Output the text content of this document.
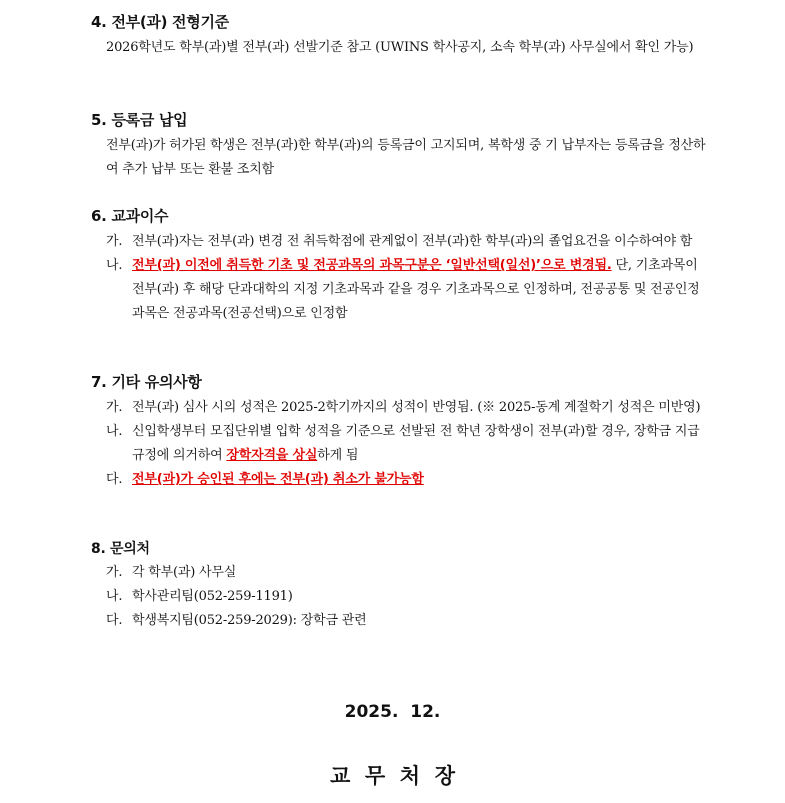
4. 전부(과) 전형기준

2026학년도 학부(과)별 전부(과) 선발기준 참고 (UWINS 학사공지, 소속 학부(과) 사무실에서 확인 가능)

5. 등록금 납입

전부(과)가 허가된 학생은 전부(과)한 학부(과)의 등록금이 고지되며, 복학생 중 기 납부자는 등록금을 정산하여 추가 납부 또는 환불 조치함

6. 교과이수

가. 전부(과)자는 전부(과) 변경 전 취득학점에 관계없이 전부(과)한 학부(과)의 졸업요건을 이수하여야 함
나. 전부(과) 이전에 취득한 기초 및 전공과목의 과목구분은 ‘일반선택(일선)’으로 변경됨. 단, 기초과목이 전부(과) 후 해당 단과대학의 지정 기초과목과 같을 경우 기초과목으로 인정하며, 전공공통 및 전공인정과목은 전공과목(전공선택)으로 인정함

7. 기타 유의사항

가. 전부(과) 심사 시의 성적은 2025-2학기까지의 성적이 반영됨. (※ 2025-동계 계절학기 성적은 미반영)
나. 신입학생부터 모집단위별 입학 성적을 기준으로 선발된 전 학년 장학생이 전부(과)할 경우, 장학금 지급 규정에 의거하여 장학자격을 상실하게 됨
다. 전부(과)가 승인된 후에는 전부(과) 취소가 불가능함

8. 문의처

가. 각 학부(과) 사무실
나. 학사관리팀(052-259-1191)
다. 학생복지팀(052-259-2029): 장학금 관련
2025.  12.
교  무  처  장
